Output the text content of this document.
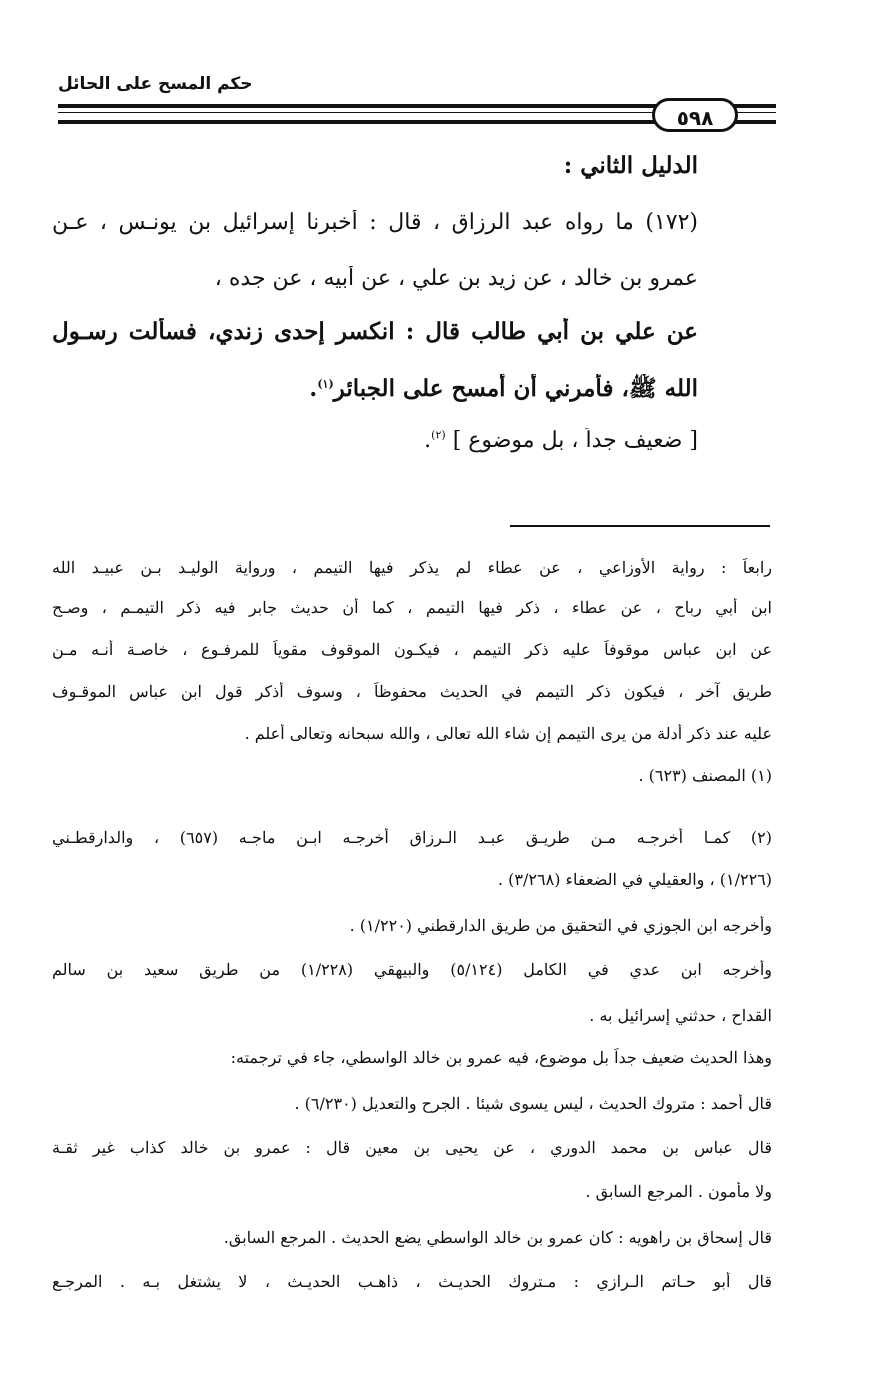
حكم المسح على الحائل
٥٩٨
الدليل الثاني :
(١٧٢) ما رواه عبد الرزاق ، قال : أخبرنا إسرائيل بن يونـس ، عـن
عمرو بن خالد ، عن زيد بن علي ، عن أبيه ، عن جده ،
عن علي بن أبي طالب قال : انكسر إحدى زندي، فسألت رسـول
الله ﷺ، فأمرني أن أمسح على الجبائر$^{(١)}$.
[ ضعيف جداً ، بل موضوع ] $^{(٢)}$.
رابعاً : رواية الأوزاعي ، عن عطاء لم يذكر فيها التيمم ، ورواية الوليـد بـن عبيـد الله
ابن أبي رباح ، عن عطاء ، ذكر فيها التيمم ، كما أن حديث جابر فيه ذكر التيمـم ، وصـح
عن ابن عباس موقوفاً عليه ذكر التيمم ، فيكـون الموقوف مقوياً للمرفـوع ، خاصـة أنـه مـن
طريق آخر ، فيكون ذكر التيمم في الحديث محفوظاً ، وسوف أذكر قول ابن عباس الموقـوف
عليه عند ذكر أدلة من يرى التيمم إن شاء الله تعالى ، والله سبحانه وتعالى أعلم .
(١) المصنف (٦٢٣) .
(٢) كمـا أخرجـه مـن طريـق عبـد الـرزاق أخرجـه ابـن ماجـه (٦٥٧) ، والدارقطـني
(١/٢٢٦) ، والعقيلي في الضعفاء (٣/٢٦٨) .
وأخرجه ابن الجوزي في التحقيق من طريق الدارقطني (١/٢٢٠) .
وأخرجه ابن عدي في الكامل (٥/١٢٤) والبيهقي (١/٢٢٨) من طريق سعيد بن سالم
القداح ، حدثني إسرائيل به .
وهذا الحديث ضعيف جداً بل موضوع، فيه عمرو بن خالد الواسطي، جاء في ترجمته:
قال أحمد : متروك الحديث ، ليس يسوى شيئا . الجرح والتعديل (٦/٢٣٠) .
قال عباس بن محمد الدوري ، عن يحيى بن معين قال : عمرو بن خالد كذاب غير ثقـة
ولا مأمون . المرجع السابق .
قال إسحاق بن راهويه : كان عمرو بن خالد الواسطي يضع الحديث . المرجع السابق.
قال أبو حـاتم الـرازي : مـتروك الحديـث ، ذاهـب الحديـث ، لا يشتغل بـه . المرجـع
